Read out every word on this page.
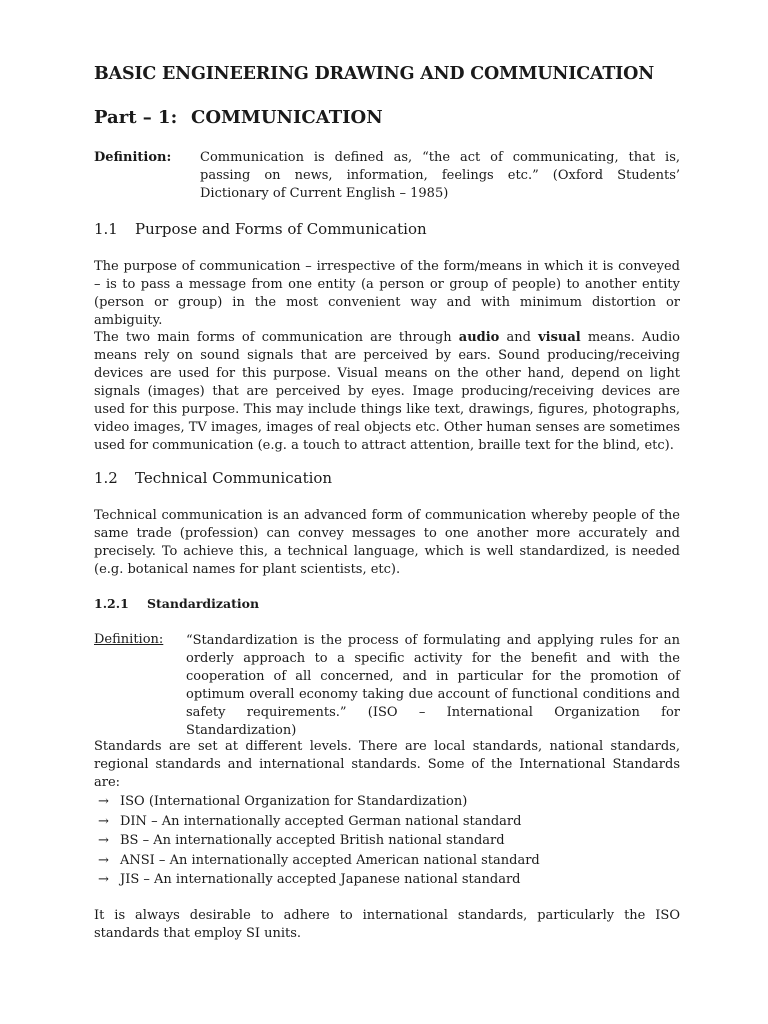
BASIC ENGINEERING DRAWING AND COMMUNICATION
Part – 1: COMMUNICATION
Definition: Communication is defined as, “the act of communicating, that is, passing on news, information, feelings etc.” (Oxford Students’ Dictionary of Current English – 1985)

1.1 Purpose and Forms of Communication

The purpose of communication – irrespective of the form/means in which it is conveyed – is to pass a message from one entity (a person or group of people) to another entity (person or group) in the most convenient way and with minimum distortion or ambiguity.

The two main forms of communication are through audio and visual means. Audio means rely on sound signals that are perceived by ears. Sound producing/receiving devices are used for this purpose. Visual means on the other hand, depend on light signals (images) that are perceived by eyes. Image producing/receiving devices are used for this purpose. This may include things like text, drawings, figures, photographs, video images, TV images, images of real objects etc. Other human senses are sometimes used for communication (e.g. a touch to attract attention, braille text for the blind, etc).

1.2 Technical Communication

Technical communication is an advanced form of communication whereby people of the same trade (profession) can convey messages to one another more accurately and precisely. To achieve this, a technical language, which is well standardized, is needed (e.g. botanical names for plant scientists, etc).

1.2.1 Standardization
Definition: “Standardization is the process of formulating and applying rules for an orderly approach to a specific activity for the benefit and with the cooperation of all concerned, and in particular for the promotion of optimum overall economy taking due account of functional conditions and safety requirements.” (ISO – International Organization for Standardization)

Standards are set at different levels. There are local standards, national standards, regional standards and international standards. Some of the International Standards are:

→ ISO (International Organization for Standardization)
→ DIN – An internationally accepted German national standard
→ BS – An internationally accepted British national standard
→ ANSI – An internationally accepted American national standard
→ JIS – An internationally accepted Japanese national standard

It is always desirable to adhere to international standards, particularly the ISO standards that employ SI units.
